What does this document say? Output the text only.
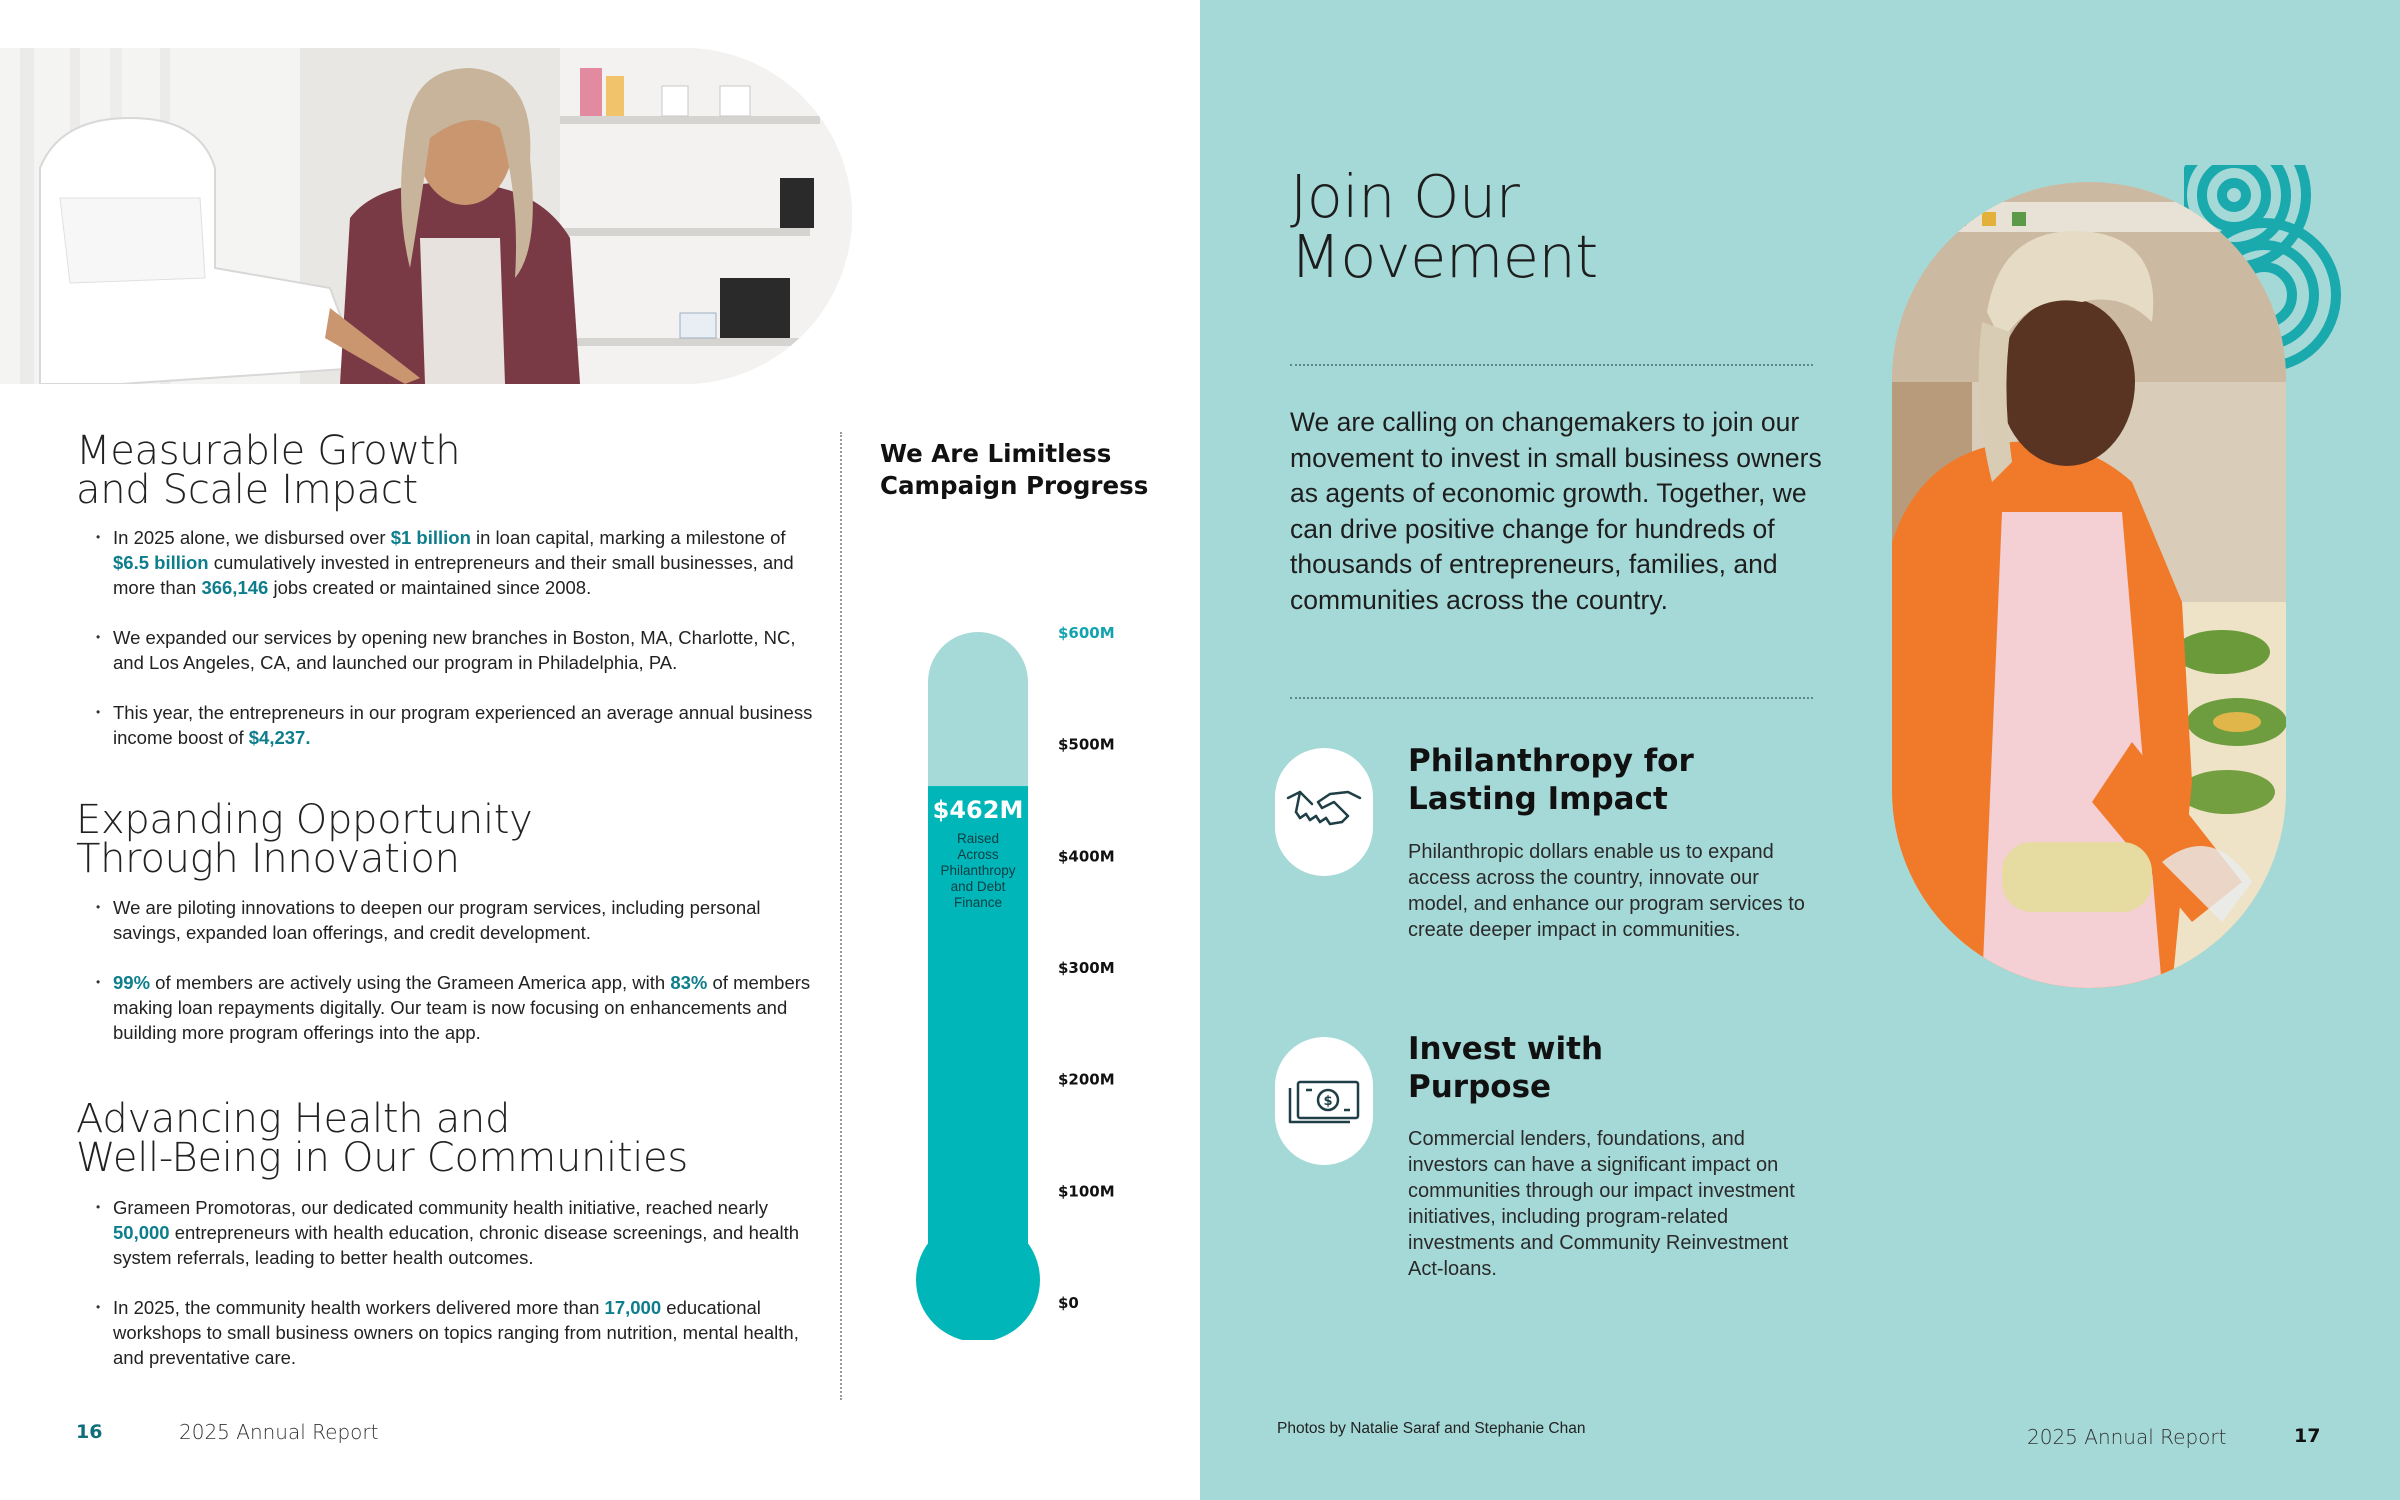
Measurable Growth
and Scale Impact
• In 2025 alone, we disbursed over $1 billion in loan capital, marking a milestone of $6.5 billion cumulatively invested in entrepreneurs and their small businesses, and more than 366,146 jobs created or maintained since 2008.
• We expanded our services by opening new branches in Boston, MA, Charlotte, NC, and Los Angeles, CA, and launched our program in Philadelphia, PA.
• This year, the entrepreneurs in our program experienced an average annual business income boost of $4,237.
Expanding Opportunity
Through Innovation
• We are piloting innovations to deepen our program services, including personal savings, expanded loan offerings, and credit development.
• 99% of members are actively using the Grameen America app, with 83% of members making loan repayments digitally. Our team is now focusing on enhancements and building more program offerings into the app.
Advancing Health and
Well-Being in Our Communities
• Grameen Promotoras, our dedicated community health initiative, reached nearly 50,000 entrepreneurs with health education, chronic disease screenings, and health system referrals, leading to better health outcomes.
• In 2025, the community health workers delivered more than 17,000 educational workshops to small business owners on topics ranging from nutrition, mental health, and preventative care.
We Are Limitless
Campaign Progress
$462M
Raised
Across
Philanthropy
and Debt
Finance
$0
$100M
$200M
$300M
$400M
$500M
$600M
16	2025 Annual Report
Join Our
Movement
We are calling on changemakers to join our movement to invest in small business owners as agents of economic growth. Together, we can drive positive change for hundreds of thousands of entrepreneurs, families, and communities across the country.
Philanthropy for
Lasting Impact
Philanthropic dollars enable us to expand access across the country, innovate our model, and enhance our program services to create deeper impact in communities.
$
Invest with
Purpose
Commercial lenders, foundations, and investors can have a significant impact on communities through our impact investment initiatives, including program-related investments and Community Reinvestment Act-loans.
Photos by Natalie Saraf and Stephanie Chan	2025 Annual Report	17
